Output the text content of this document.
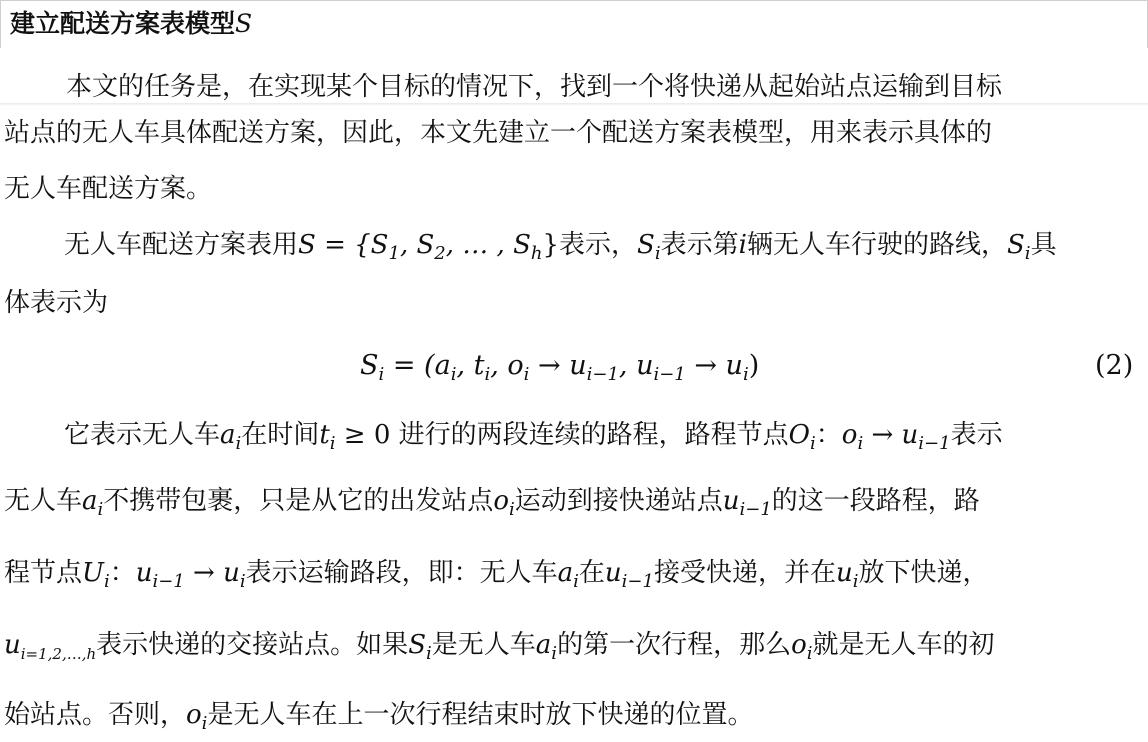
建立配送方案表模型S
本文的任务是，在实现某个目标的情况下，找到一个将快递从起始站点运输到目标
站点的无人车具体配送方案，因此，本文先建立一个配送方案表模型，用来表示具体的
无人车配送方案。
无人车配送方案表用$S = \{S_1$, $S_2$, … , $S_h$}表示，$S_i$表示第i辆无人车行驶的路线，$S_i$具
体表示为
$S_i = (a_i$, $t_i$, $o_i \to u_{i-1}$, $u_{i-1} \to u_i$)	(2)
它表示无人车$a_i$在时间$t_i \ge 0$ 进行的两段连续的路程，路程节点$O_i$：$o_i \to u_{i-1}$表示
无人车$a_i$不携带包裹，只是从它的出发站点$o_i$运动到接快递站点$u_{i-1}$的这一段路程，路
程节点$U_i$：$u_{i-1} \to u_i$表示运输路段，即：无人车$a_i$在$u_{i-1}$接受快递，并在$u_i$放下快递，
$u_{i=1,2,\dots,h}$表示快递的交接站点。如果$S_i$是无人车$a_i$的第一次行程，那么$o_i$就是无人车的初
始站点。否则，$o_i$是无人车在上一次行程结束时放下快递的位置。
